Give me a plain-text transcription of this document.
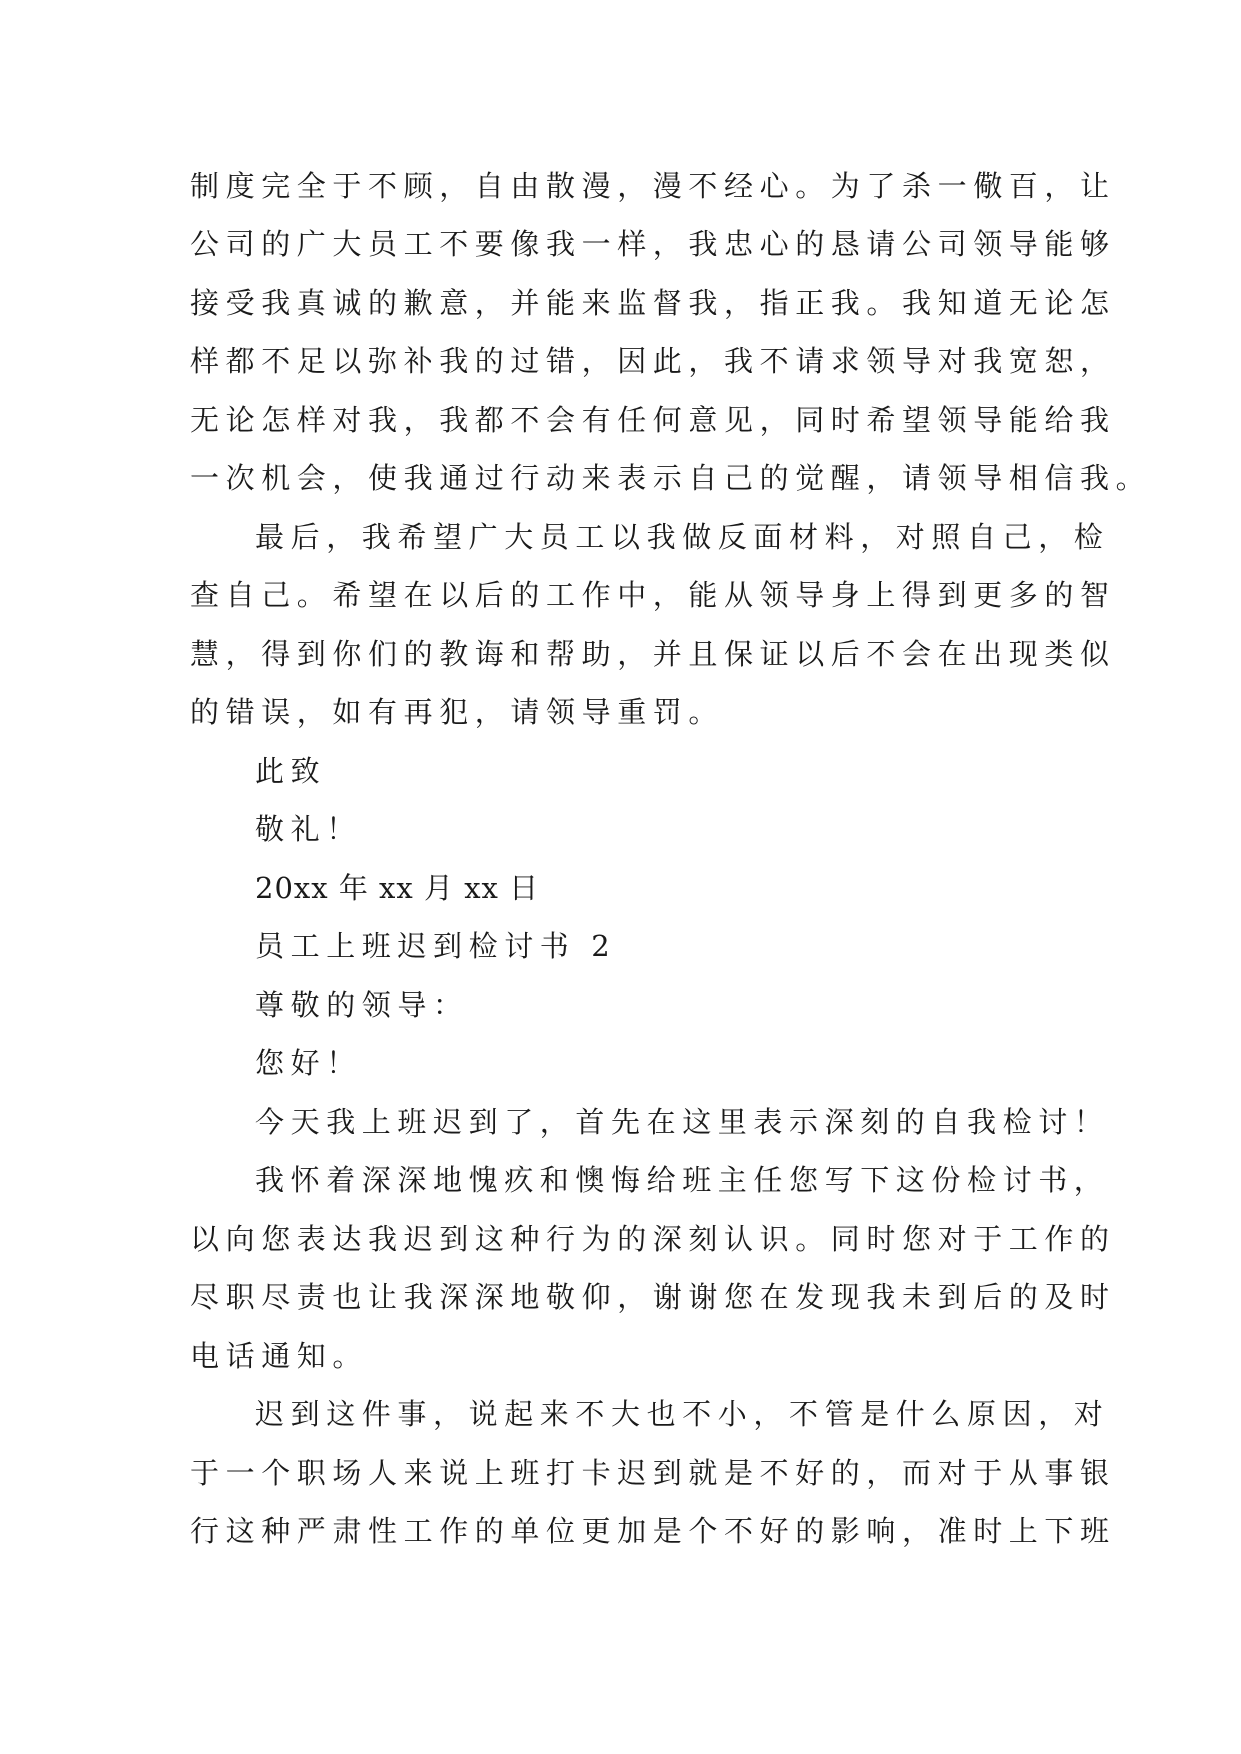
制度完全于不顾，自由散漫，漫不经心。为了杀一儆百，让
公司的广大员工不要像我一样，我忠心的恳请公司领导能够
接受我真诚的歉意，并能来监督我，指正我。我知道无论怎
样都不足以弥补我的过错，因此，我不请求领导对我宽恕，
无论怎样对我，我都不会有任何意见，同时希望领导能给我
一次机会，使我通过行动来表示自己的觉醒，请领导相信我。
最后，我希望广大员工以我做反面材料，对照自己，检
查自己。希望在以后的工作中，能从领导身上得到更多的智
慧，得到你们的教诲和帮助，并且保证以后不会在出现类似
的错误，如有再犯，请领导重罚。
此致
敬礼！
20xx 年 xx 月 xx 日
员工上班迟到检讨书 2
尊敬的领导：
您好！
今天我上班迟到了，首先在这里表示深刻的自我检讨！
我怀着深深地愧疚和懊悔给班主任您写下这份检讨书，
以向您表达我迟到这种行为的深刻认识。同时您对于工作的
尽职尽责也让我深深地敬仰，谢谢您在发现我未到后的及时
电话通知。
迟到这件事，说起来不大也不小，不管是什么原因，对
于一个职场人来说上班打卡迟到就是不好的，而对于从事银
行这种严肃性工作的单位更加是个不好的影响，准时上下班
